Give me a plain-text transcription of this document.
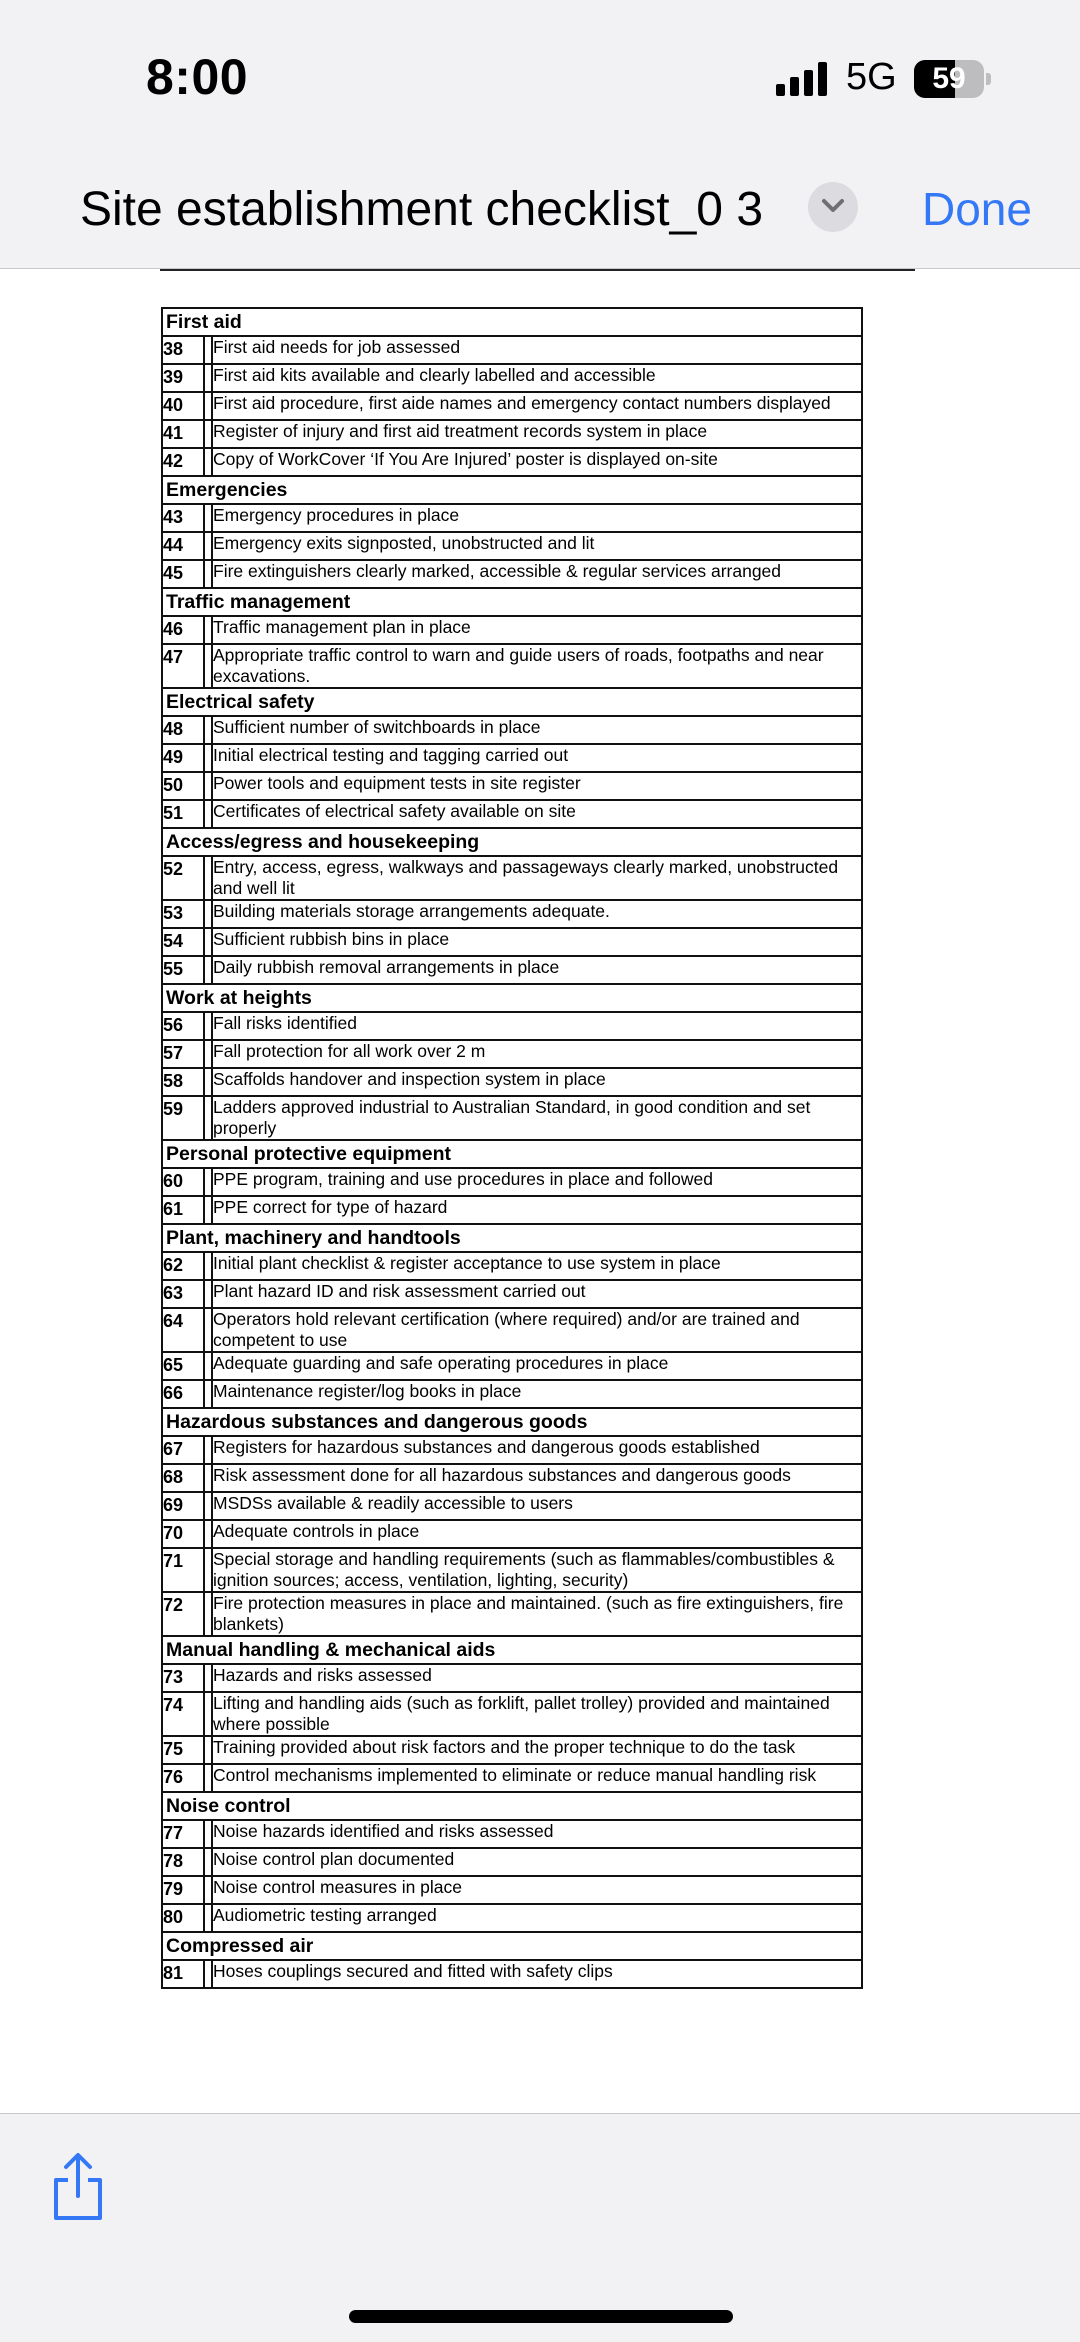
8:00	5G	59
Site establishment checklist_0 3	Done
First aid		
38		First aid needs for job assessed
39		First aid kits available and clearly labelled and accessible
40		First aid procedure, first aide names and emergency contact numbers displayed
41		Register of injury and first aid treatment records system in place
42		Copy of WorkCover ‘If You Are Injured’ poster is displayed on-site
Emergencies		
43		Emergency procedures in place
44		Emergency exits signposted, unobstructed and lit
45		Fire extinguishers clearly marked, accessible & regular services arranged
Traffic management		
46		Traffic management plan in place
47		Appropriate traffic control to warn and guide users of roads, footpaths and near excavations.
Electrical safety		
48		Sufficient number of switchboards in place
49		Initial electrical testing and tagging carried out
50		Power tools and equipment tests in site register
51		Certificates of electrical safety available on site
Access/egress and housekeeping		
52		Entry, access, egress, walkways and passageways clearly marked, unobstructed and well lit
53		Building materials storage arrangements adequate.
54		Sufficient rubbish bins in place
55		Daily rubbish removal arrangements in place
Work at heights		
56		Fall risks identified
57		Fall protection for all work over 2 m
58		Scaffolds handover and inspection system in place
59		Ladders approved industrial to Australian Standard, in good condition and set properly
Personal protective equipment		
60		PPE program, training and use procedures in place and followed
61		PPE correct for type of hazard
Plant, machinery and handtools		
62		Initial plant checklist & register acceptance to use system in place
63		Plant hazard ID and risk assessment carried out
64		Operators hold relevant certification (where required) and/or are trained and competent to use
65		Adequate guarding and safe operating procedures in place
66		Maintenance register/log books in place
Hazardous substances and dangerous goods		
67		Registers for hazardous substances and dangerous goods established
68		Risk assessment done for all hazardous substances and dangerous goods
69		MSDSs available & readily accessible to users
70		Adequate controls in place
71		Special storage and handling requirements (such as flammables/combustibles & ignition sources; access, ventilation, lighting, security)
72		Fire protection measures in place and maintained. (such as fire extinguishers, fire blankets)
Manual handling & mechanical aids		
73		Hazards and risks assessed
74		Lifting and handling aids (such as forklift, pallet trolley) provided and maintained where possible
75		Training provided about risk factors and the proper technique to do the task
76		Control mechanisms implemented to eliminate or reduce manual handling risk
Noise control		
77		Noise hazards identified and risks assessed
78		Noise control plan documented
79		Noise control measures in place
80		Audiometric testing arranged
Compressed air		
81		Hoses couplings secured and fitted with safety clips
